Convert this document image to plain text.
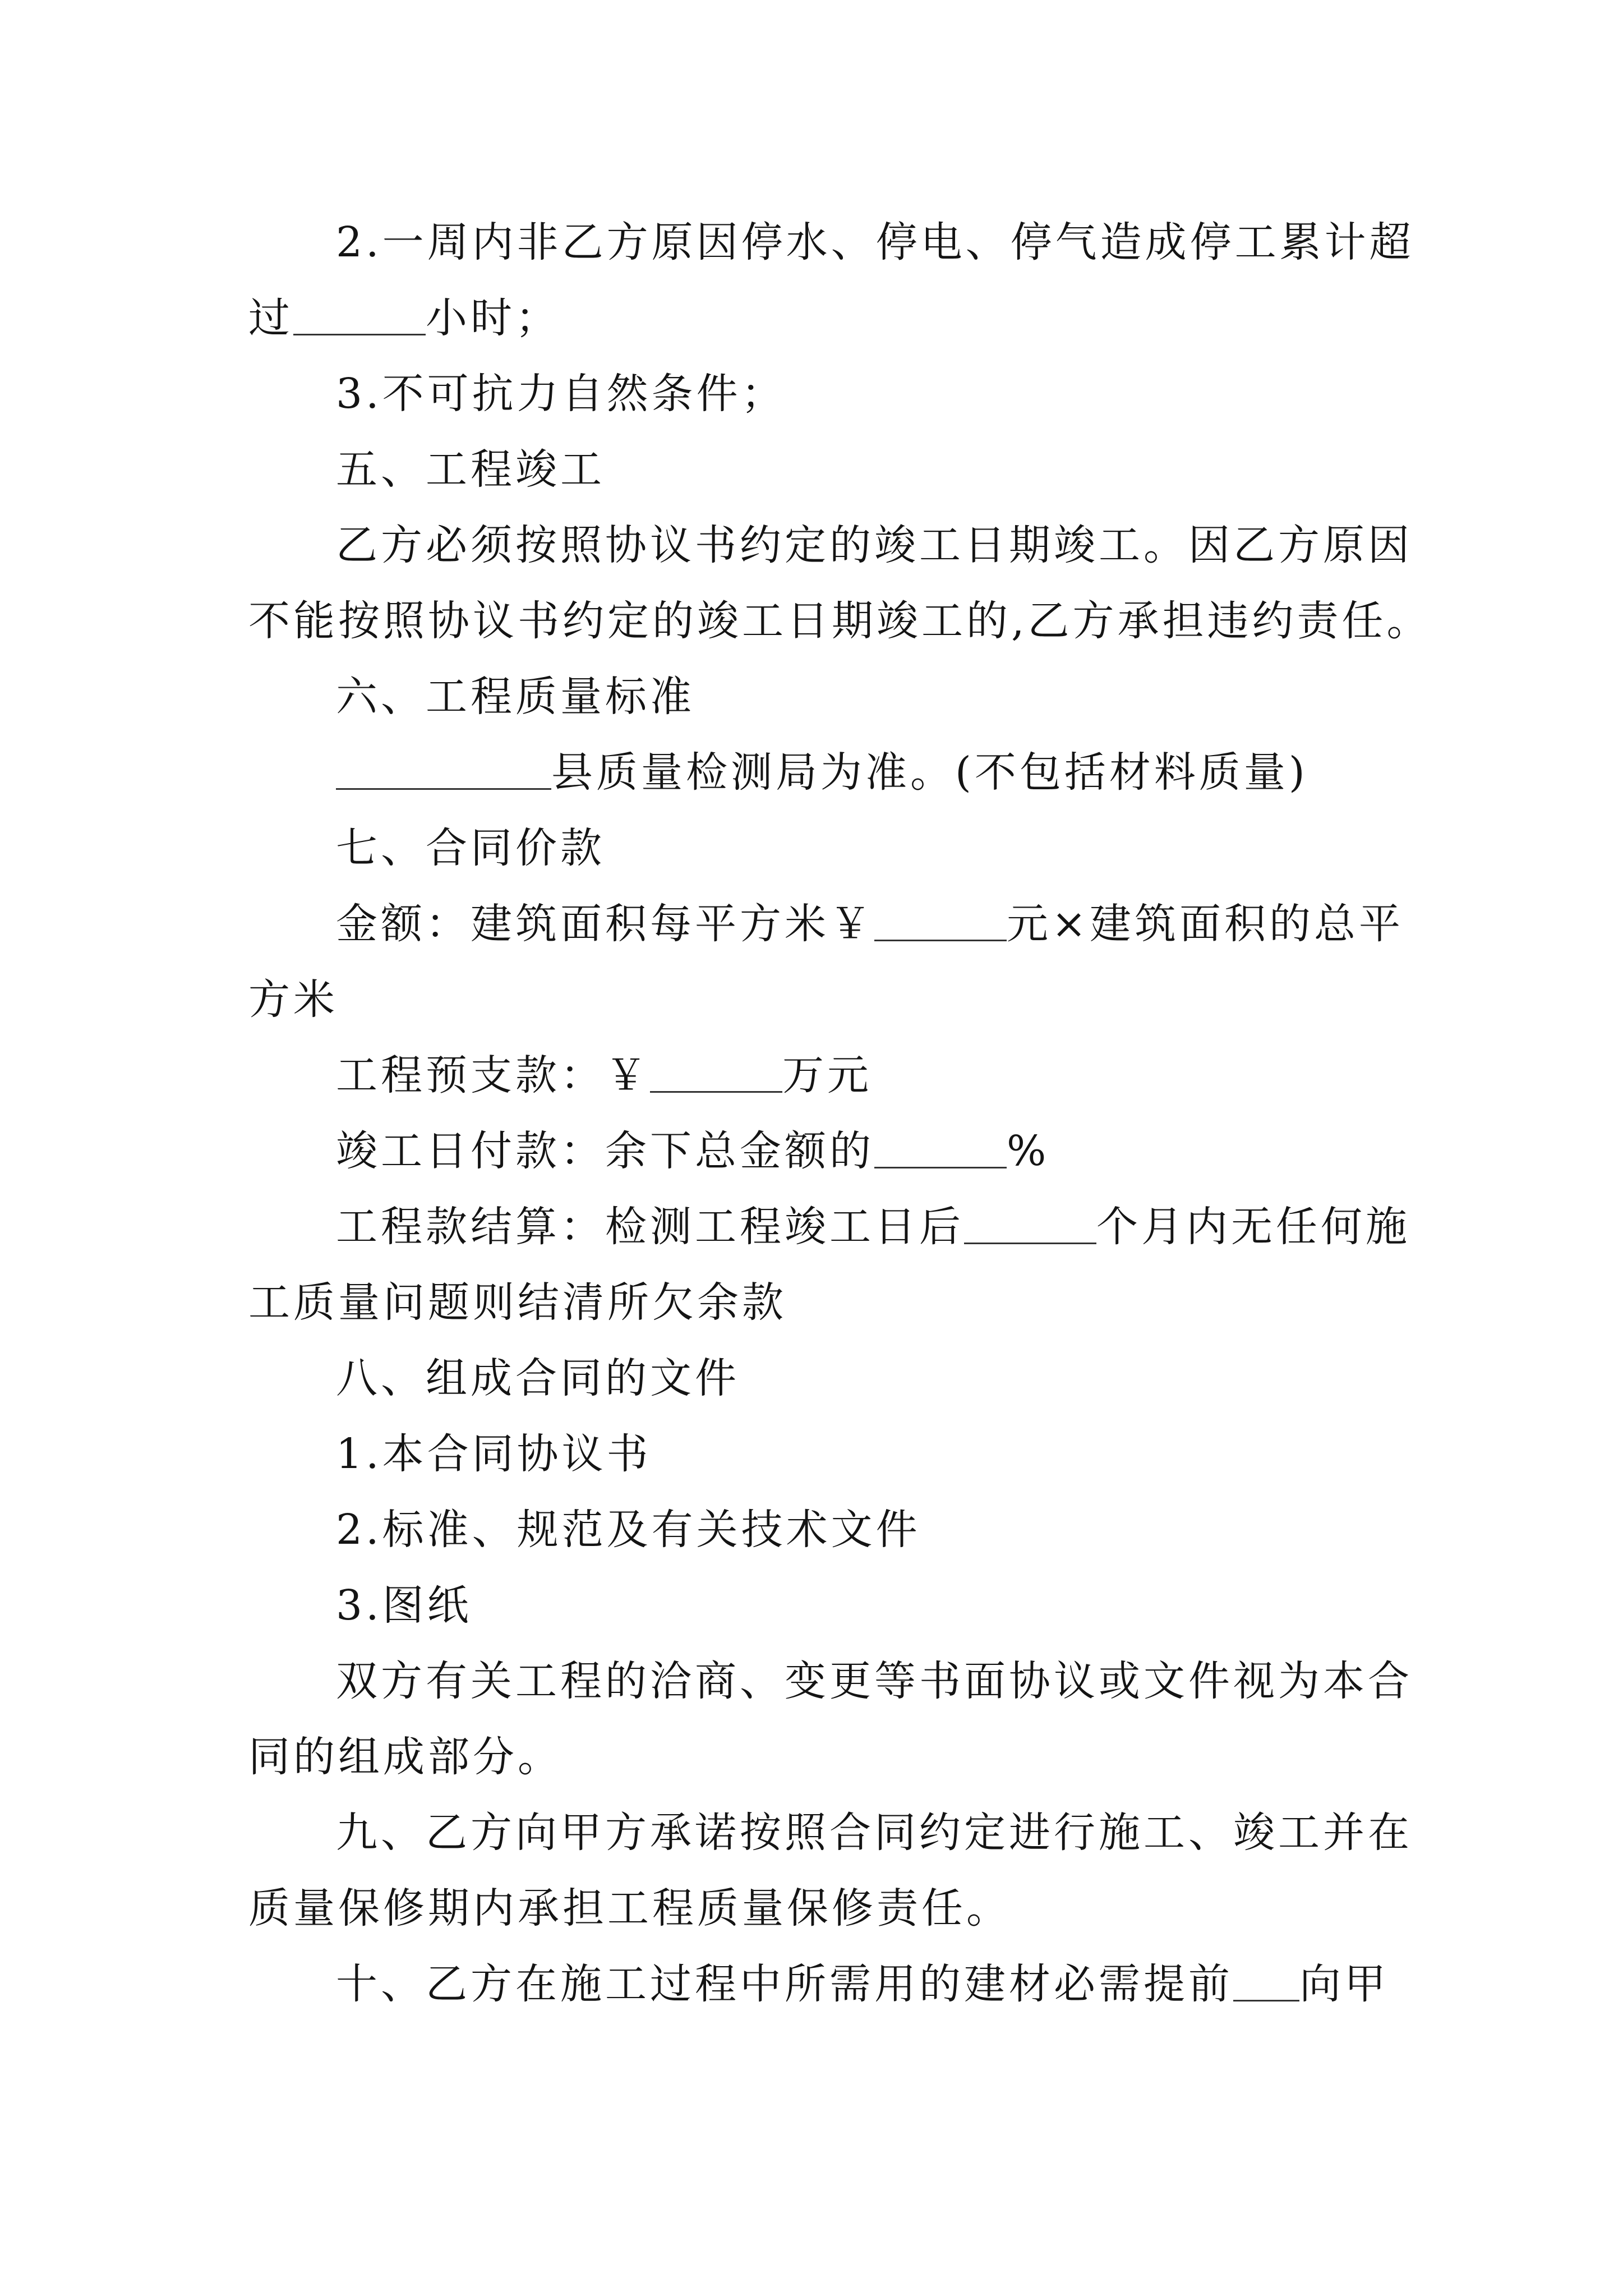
2.一周内非乙方原因停水、停电、停气造成停工累计超
过	小时；
3.不可抗力自然条件；
五、工程竣工
乙方必须按照协议书约定的竣工日期竣工。因乙方原因
不能按照协议书约定的竣工日期竣工的,乙方承担违约责任。
六、工程质量标准
县质量检测局为准。(不包括材料质量)
七、合同价款
金额：建筑面积每平方米￥	元×建筑面积的总平
方米
工程预支款：￥	万元
竣工日付款：余下总金额的	%
工程款结算：检测工程竣工日后	个月内无任何施
工质量问题则结清所欠余款
八、组成合同的文件
1.本合同协议书
2.标准、规范及有关技术文件
3.图纸
双方有关工程的洽商、变更等书面协议或文件视为本合
同的组成部分。
九、乙方向甲方承诺按照合同约定进行施工、竣工并在
质量保修期内承担工程质量保修责任。
十、乙方在施工过程中所需用的建材必需提前 向甲
